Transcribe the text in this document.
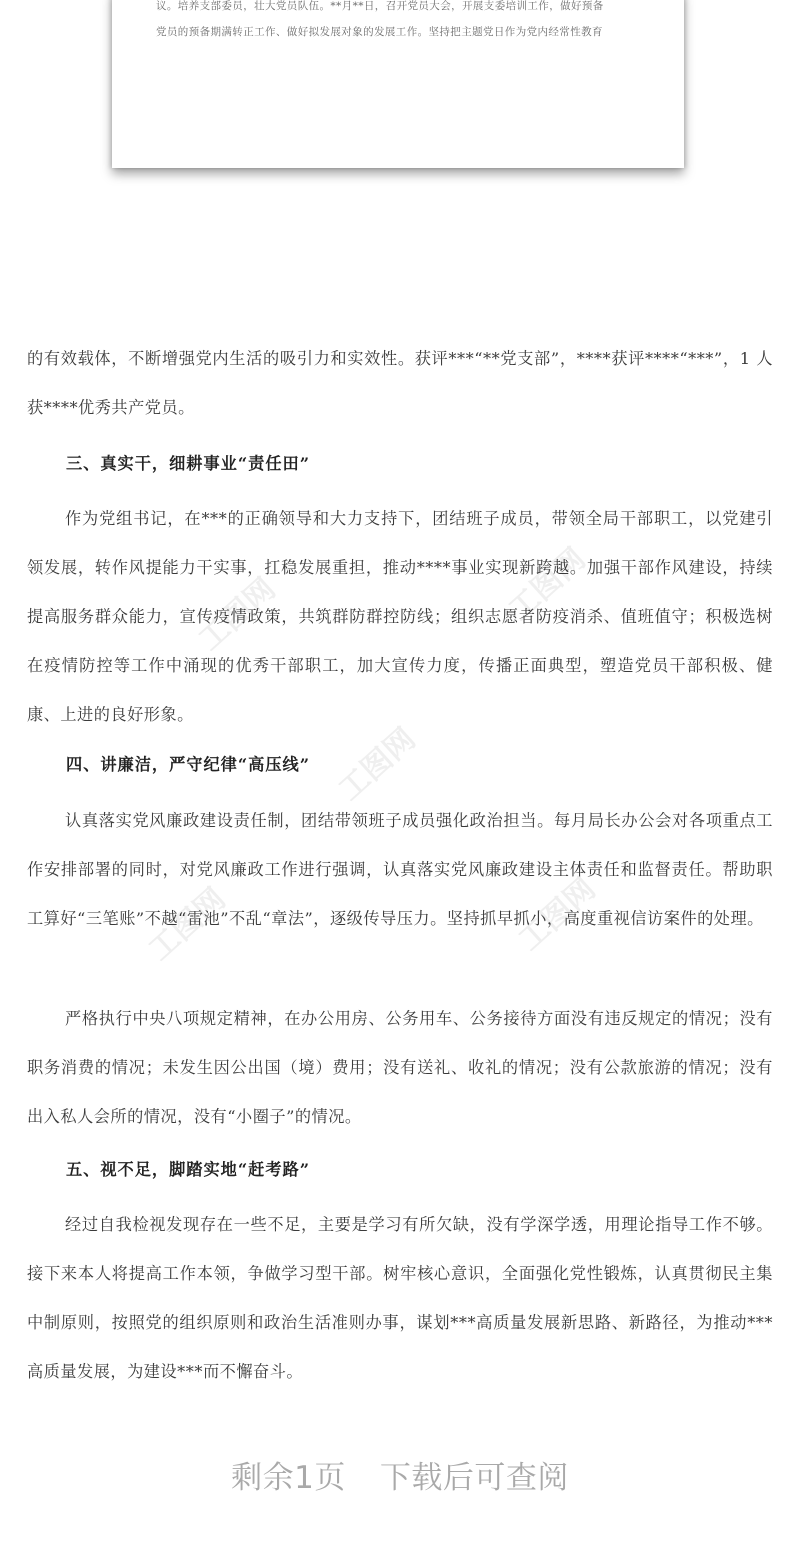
议。培养支部委员，壮大党员队伍。**月**日，召开党员大会，开展支委培训工作，做好预备
党员的预备期满转正工作、做好拟发展对象的发展工作。坚持把主题党日作为党内经常性教育
工图网	工图网
工图网
工图网	工图网
的有效载体，不断增强党内生活的吸引力和实效性。获评***“**党支部”，****获评****“***”，1 人获****优秀共产党员。
三、真实干，细耕事业“责任田”
作为党组书记，在***的正确领导和大力支持下，团结班子成员，带领全局干部职工，以党建引领发展，转作风提能力干实事，扛稳发展重担，推动****事业实现新跨越。加强干部作风建设，持续提高服务群众能力，宣传疫情政策，共筑群防群控防线；组织志愿者防疫消杀、值班值守；积极选树在疫情防控等工作中涌现的优秀干部职工，加大宣传力度，传播正面典型，塑造党员干部积极、健康、上进的良好形象。
四、讲廉洁，严守纪律“高压线”
认真落实党风廉政建设责任制，团结带领班子成员强化政治担当。每月局长办公会对各项重点工作安排部署的同时，对党风廉政工作进行强调，认真落实党风廉政建设主体责任和监督责任。帮助职工算好“三笔账”不越“雷池”不乱“章法”，逐级传导压力。坚持抓早抓小，高度重视信访案件的处理。
严格执行中央八项规定精神，在办公用房、公务用车、公务接待方面没有违反规定的情况；没有职务消费的情况；未发生因公出国（境）费用；没有送礼、收礼的情况；没有公款旅游的情况；没有出入私人会所的情况，没有“小圈子”的情况。
五、视不足，脚踏实地“赶考路”
经过自我检视发现存在一些不足，主要是学习有所欠缺，没有学深学透，用理论指导工作不够。接下来本人将提高工作本领，争做学习型干部。树牢核心意识，全面强化党性锻炼，认真贯彻民主集中制原则，按照党的组织原则和政治生活准则办事，谋划***高质量发展新思路、新路径，为推动***高质量发展，为建设***而不懈奋斗。
剩余1页 下载后可查阅
